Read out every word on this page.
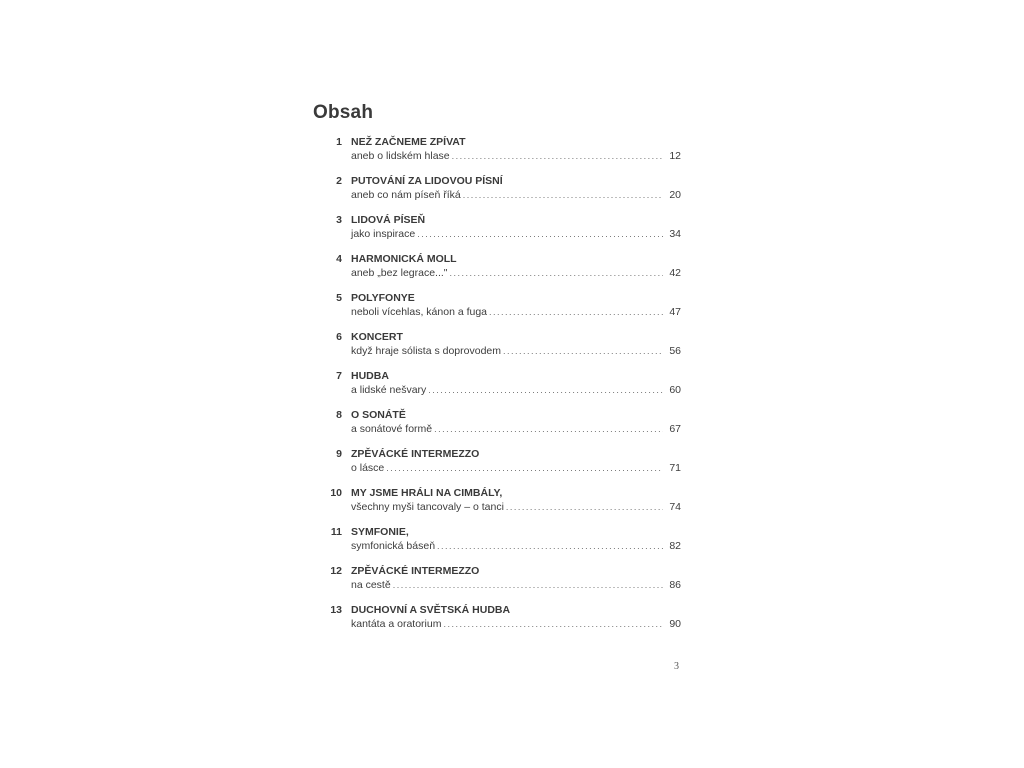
Obsah
1 NEŽ ZAČNEME ZPÍVAT
aneb o lidském hlase .....	12
2 PUTOVÁNÍ ZA LIDOVOU PÍSNÍ
aneb co nám píseň říká .....	20
3 LIDOVÁ PÍSEŇ
jako inspirace .....	34
4 HARMONICKÁ MOLL
aneb „bez legrace..." .....	42
5 POLYFONYE
neboli vícehlas, kánon a fuga .....	47
6 KONCERT
když hraje sólista s doprovodem .....	56
7 HUDBA
a lidské nešvary .....	60
8 O SONÁTĚ
a sonátové formě .....	67
9 ZPĚVÁCKÉ INTERMEZZO
o lásce .....	71
10 MY JSME HRÁLI NA CIMBÁLY,
všechny myši tancovaly – o tanci .....	74
11 SYMFONIE,
symfonická báseň .....	82
12 ZPĚVÁCKÉ INTERMEZZO
na cestě .....	86
13 DUCHOVNÍ A SVĚTSKÁ HUDBA
kantáta a oratorium .....	90
3
